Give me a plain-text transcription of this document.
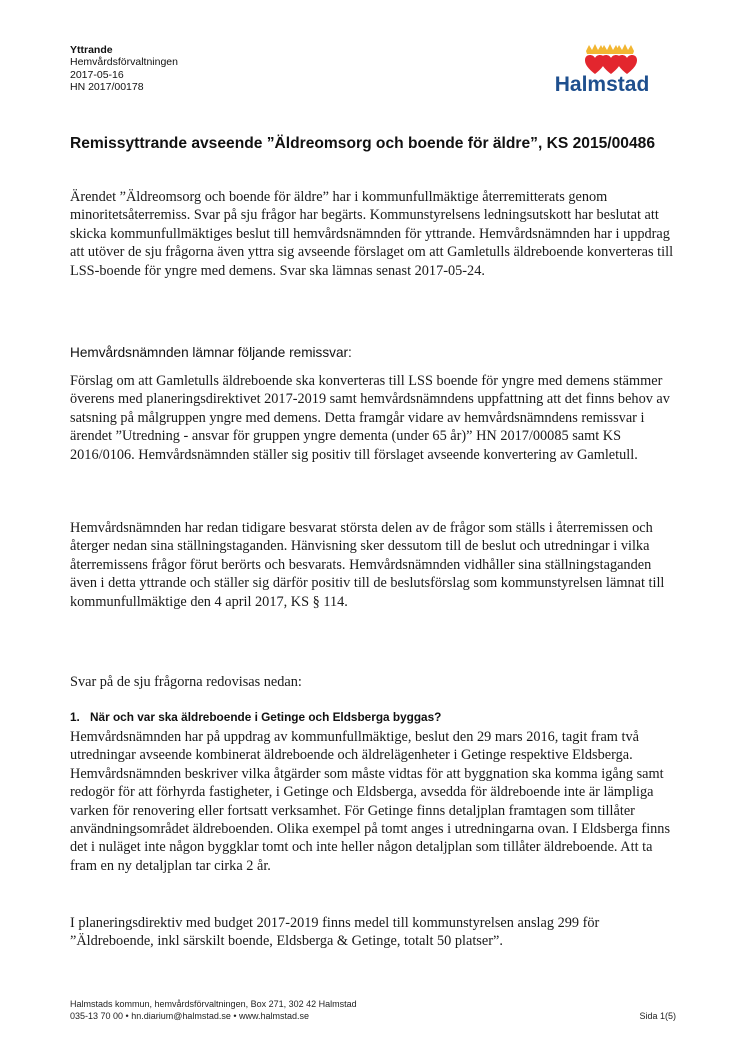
Yttrande
Hemvårdsförvaltningen
2017-05-16
HN 2017/00178	Halmstad
Remissyttrande avseende ”Äldreomsorg och boende för äldre”, KS 2015/00486
Ärendet ”Äldreomsorg och boende för äldre” har i kommunfullmäktige återremitterats genom minoritetsåterremiss. Svar på sju frågor har begärts. Kommunstyrelsens ledningsutskott har beslutat att skicka kommunfullmäktiges beslut till hemvårdsnämnden för yttrande. Hemvårdsnämnden har i uppdrag att utöver de sju frågorna även yttra sig avseende förslaget om att Gamletulls äldreboende konverteras till LSS-boende för yngre med demens. Svar ska lämnas senast 2017-05-24.
Hemvårdsnämnden lämnar följande remissvar:
Förslag om att Gamletulls äldreboende ska konverteras till LSS boende för yngre med demens stämmer överens med planeringsdirektivet 2017-2019 samt hemvårdsnämndens uppfattning att det finns behov av satsning på målgruppen yngre med demens. Detta framgår vidare av hemvårdsnämndens remissvar i ärendet ”Utredning - ansvar för gruppen yngre dementa (under 65 år)” HN 2017/00085 samt KS 2016/0106. Hemvårdsnämnden ställer sig positiv till förslaget avseende konvertering av Gamletull.
Hemvårdsnämnden har redan tidigare besvarat största delen av de frågor som ställs i återremissen och återger nedan sina ställningstaganden. Hänvisning sker dessutom till de beslut och utredningar i vilka återremissens frågor förut berörts och besvarats. Hemvårdsnämnden vidhåller sina ställningstaganden även i detta yttrande och ställer sig därför positiv till de beslutsförslag som kommunstyrelsen lämnat till kommunfullmäktige den 4 april 2017, KS § 114.
Svar på de sju frågorna redovisas nedan:
1. När och var ska äldreboende i Getinge och Eldsberga byggas?
Hemvårdsnämnden har på uppdrag av kommunfullmäktige, beslut den 29 mars 2016, tagit fram två utredningar avseende kombinerat äldreboende och äldrelägenheter i Getinge respektive Eldsberga. Hemvårdsnämnden beskriver vilka åtgärder som måste vidtas för att byggnation ska komma igång samt redogör för att förhyrda fastigheter, i Getinge och Eldsberga, avsedda för äldreboende inte är lämpliga varken för renovering eller fortsatt verksamhet. För Getinge finns detaljplan framtagen som tillåter användningsområdet äldreboenden. Olika exempel på tomt anges i utredningarna ovan. I Eldsberga finns det i nuläget inte någon byggklar tomt och inte heller någon detaljplan som tillåter äldreboende. Att ta fram en ny detaljplan tar cirka 2 år.
I planeringsdirektiv med budget 2017-2019 finns medel till kommunstyrelsen anslag 299 för ”Äldreboende, inkl särskilt boende, Eldsberga & Getinge, totalt 50 platser”.
Halmstads kommun, hemvårdsförvaltningen, Box 271, 302 42 Halmstad
035-13 70 00 • hn.diarium@halmstad.se • www.halmstad.se	Sida 1(5)
